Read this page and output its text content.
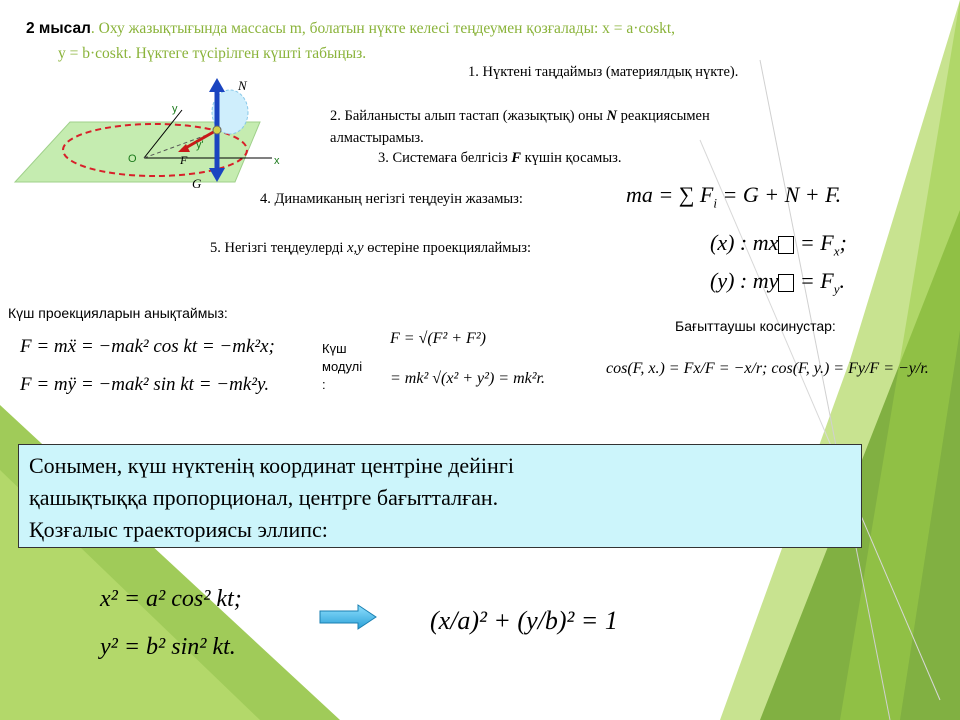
2 мысал. Оху жазықтығында массасы m, болатын нүкте келесі теңдеумен қозғалады: x = a·coskt,
y = b·coskt. Нүктеге түсірілген күшті табыңыз.
N
G
O	x
y
F
y'
1. Нүктені таңдаймыз (материялдық нүкте).
2. Байланысты алып тастап (жазықтық) оны N реакциясымен
алмастырамыз.
3. Системаға белгісіз F күшін қосамыз.
4. Динамиканың негізгі теңдеуін жазамыз:
5. Негізгі теңдеулерді x,y өстеріне проекциялаймыз:
ma = ∑ $F_i = G + N + F$.
(x) : mx = $F_x$;
(y) : my = $F_y$.
Күш проекцияларын анықтаймыз:
F = mẍ = −mak² cos kt = −mk²x;
F = mÿ = −mak² sin kt = −mk²y.
Күш
модулі
:
F = √(F² + F²)
= mk² √(x² + y²) = mk²r.
Бағыттаушы косинустар:
cos(F, x.) = Fx/F = −x/r; cos(F, y.) = Fy/F = −y/r.
Сонымен, күш нүктенің координат центріне дейінгі
қашықтыққа пропорционал, центрге бағытталған.
Қозғалыс траекториясы эллипс:
x² = a² cos² kt;
y² = b² sin² kt.
(x/a)² + (y/b)² = 1
